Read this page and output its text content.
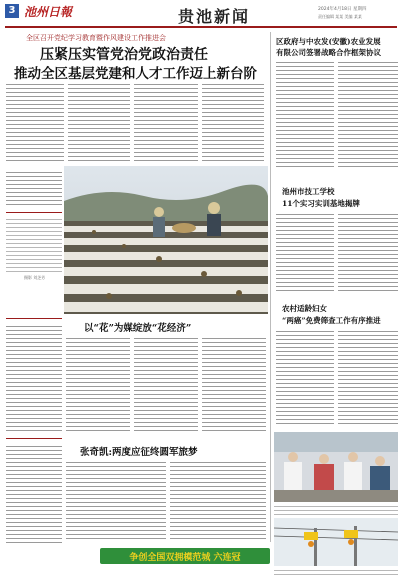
3 池州日報	贵池新闻	2024年4月18日 星期四
责任编辑 某某 美编 某某
全区召开党纪学习教育暨作风建设工作推进会
压紧压实管党治党政治责任
推动全区基层党建和人才工作迈上新台阶
区政府与中农发(安徽)农业发展
有限公司签署战略合作框架协议
池州市技工学校
11个实习实训基地揭牌
农村适龄妇女
“两癌”免费筛查工作有序推进
摄影 刘芝芳
以“花”为媒绽放“花经济”
张奇凯:两度应征终圆军旅梦
争创全国双拥模范城 六连冠
